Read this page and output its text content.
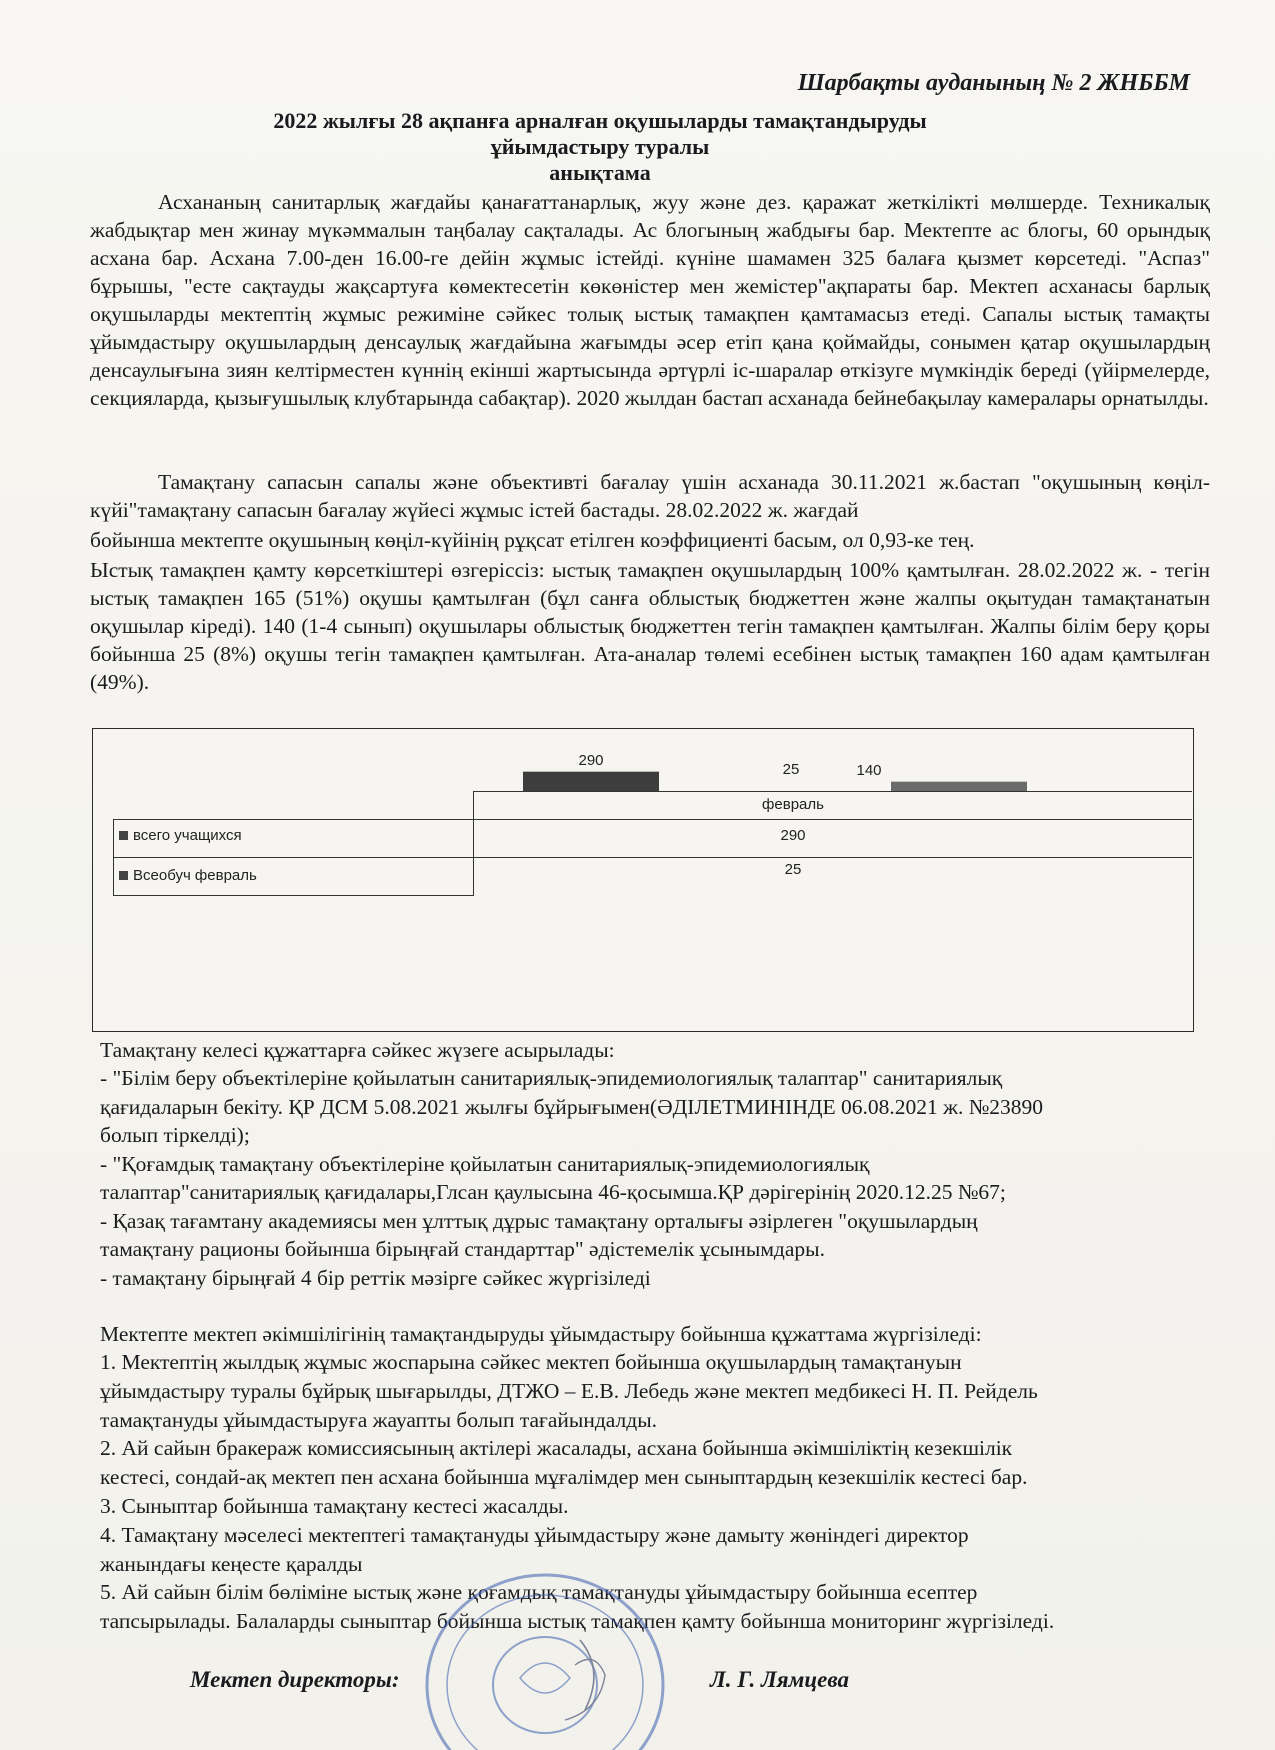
Шарбақты ауданының № 2 ЖНББМ
2022 жылғы 28 ақпанға арналған оқушыларды тамақтандыруды
ұйымдастыру туралы
анықтама
Асхананың санитарлық жағдайы қанағаттанарлық, жуу және дез. қаражат жеткілікті мөлшерде. Техникалық жабдықтар мен жинау мүкәммалын таңбалау сақталады. Ас блогының жабдығы бар. Мектепте ас блогы, 60 орындық асхана бар. Асхана 7.00-ден 16.00-ге дейін жұмыс істейді. күніне шамамен 325 балаға қызмет көрсетеді. "Аспаз" бұрышы, "есте сақтауды жақсартуға көмектесетін көкөністер мен жемістер"ақпараты бар. Мектеп асханасы барлық оқушыларды мектептің жұмыс режиміне сәйкес толық ыстық тамақпен қамтамасыз етеді. Сапалы ыстық тамақты ұйымдастыру оқушылардың денсаулық жағдайына жағымды әсер етіп қана қоймайды, сонымен қатар оқушылардың денсаулығына зиян келтірместен күннің екінші жартысында әртүрлі іс-шаралар өткізуге мүмкіндік береді (үйірмелерде, секцияларда, қызығушылық клубтарында сабақтар). 2020 жылдан бастап асханада бейнебақылау камералары орнатылды.
Тамақтану сапасын сапалы және объективті бағалау үшін асханада 30.11.2021 ж.бастап "оқушының көңіл-күйі"тамақтану сапасын бағалау жүйесі жұмыс істей бастады. 28.02.2022 ж. жағдай
бойынша мектепте оқушының көңіл-күйінің рұқсат етілген коэффициенті басым, ол 0,93-ке тең.
Ыстық тамақпен қамту көрсеткіштері өзгеріссіз: ыстық тамақпен оқушылардың 100% қамтылған. 28.02.2022 ж. - тегін ыстық тамақпен 165 (51%) оқушы қамтылған (бұл санға облыстық бюджеттен және жалпы оқытудан тамақтанатын оқушылар кіреді). 140 (1-4 сынып) оқушылары облыстық бюджеттен тегін тамақпен қамтылған. Жалпы білім беру қоры бойынша 25 (8%) оқушы тегін тамақпен қамтылған. Ата-аналар төлемі есебінен ыстық тамақпен 160 адам қамтылған (49%).
290
25	140
февраль
всего учащихся	290
Всеобуч февраль	25
Тамақтану келесі құжаттарға сәйкес жүзеге асырылады:
- "Білім беру объектілеріне қойылатын санитариялық-эпидемиологиялық талаптар" санитариялық
қағидаларын бекіту. ҚР ДСМ 5.08.2021 жылғы бұйрығымен(ӘДІЛЕТМИНІНДЕ 06.08.2021 ж. №23890
болып тіркелді);
- "Қоғамдық тамақтану объектілеріне қойылатын санитариялық-эпидемиологиялық
талаптар"санитариялық қағидалары,Глсан қаулысына 46-қосымша.ҚР дәрігерінің 2020.12.25 №67;
- Қазақ тағамтану академиясы мен ұлттық дұрыс тамақтану орталығы әзірлеген "оқушылардың
тамақтану рационы бойынша бірыңғай стандарттар" әдістемелік ұсынымдары.
- тамақтану бірыңғай 4 бір реттік мәзірге сәйкес жүргізіледі
Мектепте мектеп әкімшілігінің тамақтандыруды ұйымдастыру бойынша құжаттама жүргізіледі:
1. Мектептің жылдық жұмыс жоспарына сәйкес мектеп бойынша оқушылардың тамақтануын
ұйымдастыру туралы бұйрық шығарылды, ДТЖО – Е.В. Лебедь және мектеп медбикесі Н. П. Рейдель
тамақтануды ұйымдастыруға жауапты болып тағайындалды.
2. Ай сайын бракераж комиссиясының актілері жасалады, асхана бойынша әкімшіліктің кезекшілік
кестесі, сондай-ақ мектеп пен асхана бойынша мұғалімдер мен сыныптардың кезекшілік кестесі бар.
3. Сыныптар бойынша тамақтану кестесі жасалды.
4. Тамақтану мәселесі мектептегі тамақтануды ұйымдастыру және дамыту жөніндегі директор
жанындағы кеңесте қаралды
5. Ай сайын білім бөліміне ыстық және қоғамдық тамақтануды ұйымдастыру бойынша есептер
тапсырылады. Балаларды сыныптар бойынша ыстық тамақпен қамту бойынша мониторинг жүргізіледі.
Мектеп директоры:	Л. Г. Лямцева
